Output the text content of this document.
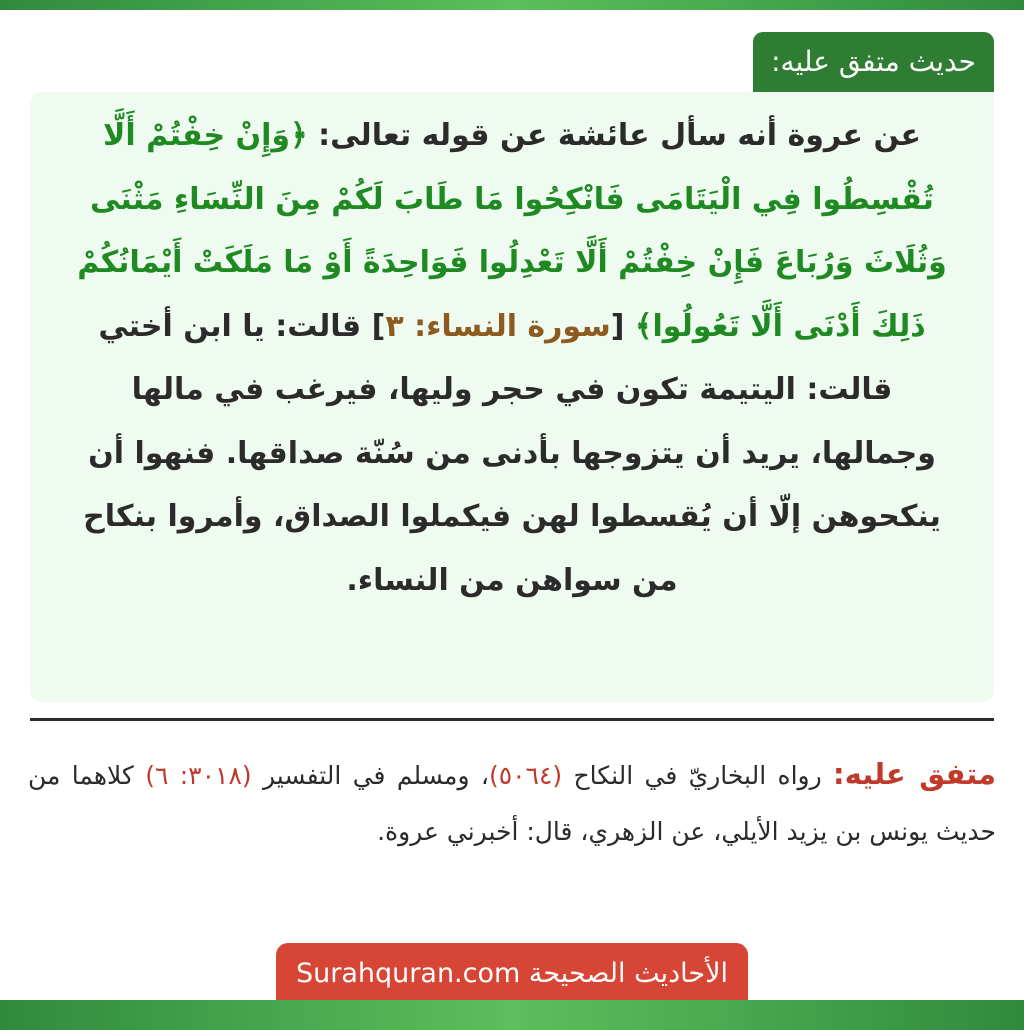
حديث متفق عليه:
عن عروة أنه سأل عائشة عن قوله تعالى: ﴿وَإِنْ خِفْتُمْ أَلَّا تُقْسِطُوا فِي الْيَتَامَى فَانْكِحُوا مَا طَابَ لَكُمْ مِنَ النِّسَاءِ مَثْنَى وَثُلَاثَ وَرُبَاعَ فَإِنْ خِفْتُمْ أَلَّا تَعْدِلُوا فَوَاحِدَةً أَوْ مَا مَلَكَتْ أَيْمَانُكُمْ ذَلِكَ أَدْنَى أَلَّا تَعُولُوا﴾ [سورة النساء: ٣] قالت: يا ابن أختي قالت: اليتيمة تكون في حجر وليها، فيرغب في مالها وجمالها، يريد أن يتزوجها بأدنى من سُنّة صداقها. فنهوا أن ينكحوهن إلّا أن يُقسطوا لهن فيكملوا الصداق، وأمروا بنكاح من سواهن من النساء.
متفق عليه: رواه البخاريّ في النكاح (٥٠٦٤)، ومسلم في التفسير (٣٠١٨: ٦) كلاهما من حديث يونس بن يزيد الأيلي، عن الزهري، قال: أخبرني عروة.
الأحاديث الصحيحة Surahquran.com
